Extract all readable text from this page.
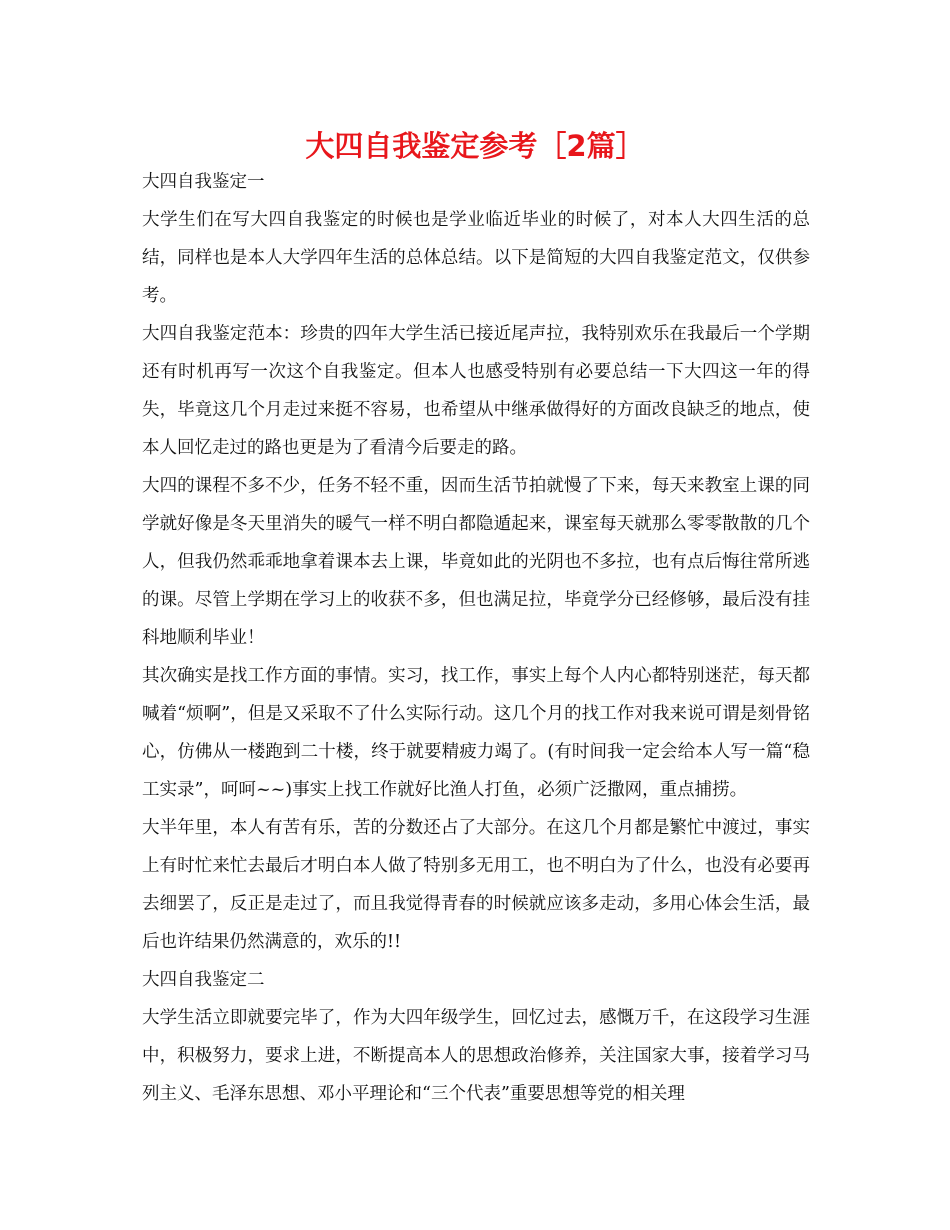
大四自我鉴定参考［2篇］

大四自我鉴定一

大学生们在写大四自我鉴定的时候也是学业临近毕业的时候了，对本人大四生活的总结，同样也是本人大学四年生活的总体总结。以下是简短的大四自我鉴定范文，仅供参考。

大四自我鉴定范本：珍贵的四年大学生活已接近尾声拉，我特别欢乐在我最后一个学期还有时机再写一次这个自我鉴定。但本人也感受特别有必要总结一下大四这一年的得失，毕竟这几个月走过来挺不容易，也希望从中继承做得好的方面改良缺乏的地点，使本人回忆走过的路也更是为了看清今后要走的路。

大四的课程不多不少，任务不轻不重，因而生活节拍就慢了下来，每天来教室上课的同学就好像是冬天里消失的暖气一样不明白都隐遁起来，课室每天就那么零零散散的几个人，但我仍然乖乖地拿着课本去上课，毕竟如此的光阴也不多拉，也有点后悔往常所逃的课。尽管上学期在学习上的收获不多，但也满足拉，毕竟学分已经修够，最后没有挂科地顺利毕业！

其次确实是找工作方面的事情。实习，找工作，事实上每个人内心都特别迷茫，每天都喊着“烦啊”，但是又采取不了什么实际行动。这几个月的找工作对我来说可谓是刻骨铭心，仿佛从一楼跑到二十楼，终于就要精疲力竭了。(有时间我一定会给本人写一篇“稳工实录”，呵呵~~)事实上找工作就好比渔人打鱼，必须广泛撒网，重点捕捞。

大半年里，本人有苦有乐，苦的分数还占了大部分。在这几个月都是繁忙中渡过，事实上有时忙来忙去最后才明白本人做了特别多无用工，也不明白为了什么，也没有必要再去细罢了，反正是走过了，而且我觉得青春的时候就应该多走动，多用心体会生活，最后也许结果仍然满意的，欢乐的!!

大四自我鉴定二

大学生活立即就要完毕了，作为大四年级学生，回忆过去，感慨万千，在这段学习生涯中，积极努力，要求上进，不断提高本人的思想政治修养，关注国家大事，接着学习马列主义、毛泽东思想、邓小平理论和“三个代表”重要思想等党的相关理
